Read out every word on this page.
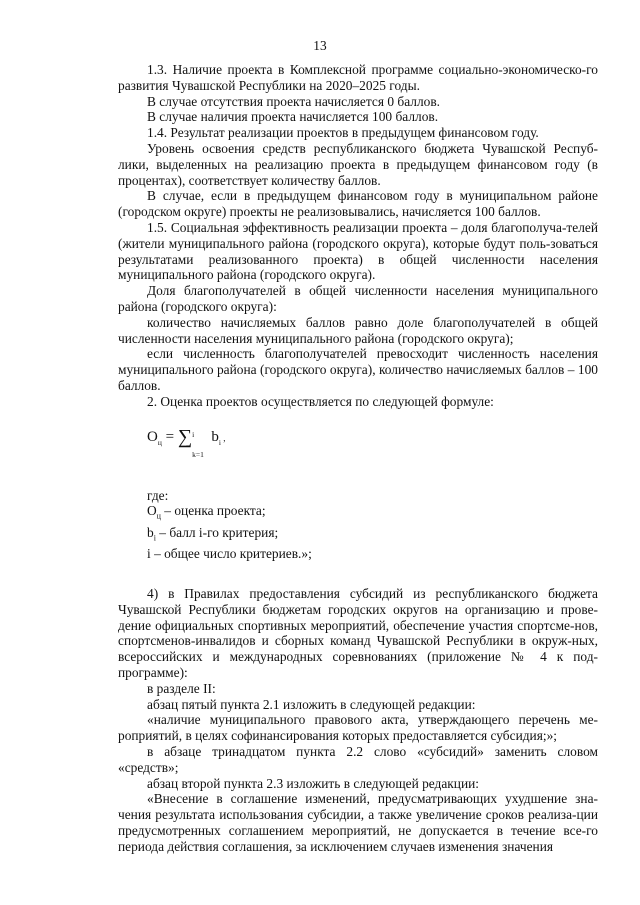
13

1.3. Наличие проекта в Комплексной программе социально-экономическо-го развития Чувашской Республики на 2020–2025 годы.

В случае отсутствия проекта начисляется 0 баллов.

В случае наличия проекта начисляется 100 баллов.

1.4. Результат реализации проектов в предыдущем финансовом году.

Уровень освоения средств республиканского бюджета Чувашской Респуб-лики, выделенных на реализацию проекта в предыдущем финансовом году (в процентах), соответствует количеству баллов.

В случае, если в предыдущем финансовом году в муниципальном районе (городском округе) проекты не реализовывались, начисляется 100 баллов.

1.5. Социальная эффективность реализации проекта – доля благополуча-телей (жители муниципального района (городского округа), которые будут поль-зоваться результатами реализованного проекта) в общей численности населения муниципального района (городского округа).

Доля благополучателей в общей численности населения муниципального района (городского округа):

количество начисляемых баллов равно доле благополучателей в общей численности населения муниципального района (городского округа);

если численность благополучателей превосходит численность населения муниципального района (городского округа), количество начисляемых баллов – 100 баллов.

2. Оценка проектов осуществляется по следующей формуле:

$О_ц$ = ∑ i
k=1
$b_i$ ,

где:

$О_ц$ – оценка проекта;

$b_i$ – балл i-го критерия;

i – общее число критериев.»;

4) в Правилах предоставления субсидий из республиканского бюджета Чувашской Республики бюджетам городских округов на организацию и прове-дение официальных спортивных мероприятий, обеспечение участия спортсме-нов, спортсменов-инвалидов и сборных команд Чувашской Республики в окруж-ных, всероссийских и международных соревнованиях (приложение № 4 к под-программе):

в разделе II:

абзац пятый пункта 2.1 изложить в следующей редакции:

«наличие муниципального правового акта, утверждающего перечень ме-роприятий, в целях софинансирования которых предоставляется субсидия;»;

в абзаце тринадцатом пункта 2.2 слово «субсидий» заменить словом «средств»;

абзац второй пункта 2.3 изложить в следующей редакции:

«Внесение в соглашение изменений, предусматривающих ухудшение зна-чения результата использования субсидии, а также увеличение сроков реализа-ции предусмотренных соглашением мероприятий, не допускается в течение все-го периода действия соглашения, за исключением случаев изменения значения
